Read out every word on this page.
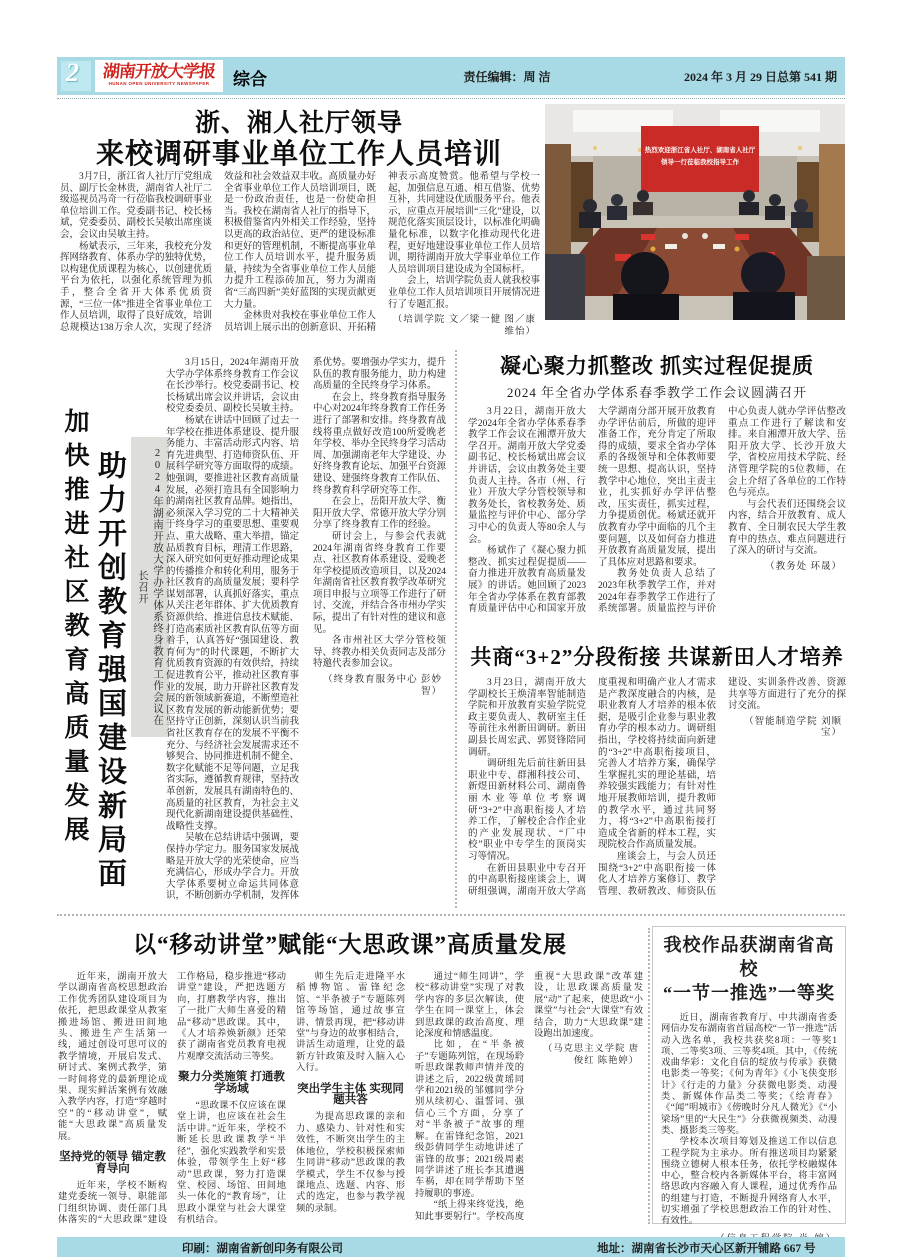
2	湖南开放大学报
HUNAN OPEN UNIVERSITY NEWSPAPER	综合	责任编辑：周 洁	2024 年 3 月 29 日总第 541 期
浙、湘人社厅领导
来校调研事业单位工作人员培训

3月7日，浙江省人社厅厅党组成员、副厅长金林贵，湖南省人社厅二级巡视员冯奇一行莅临我校调研事业单位培训工作。党委副书记、校长杨斌，党委委员、副校长吴敏出席座谈会，会议由吴敏主持。

杨斌表示，三年来，我校充分发挥网络教育、体系办学的独特优势，以构建优质课程为核心，以创建优质平台为依托，以强化系统管理为抓手，整合全省开大体系优质资源，“三位一体”推进全省事业单位工作人员培训，取得了良好成效，培训总规模达138万余人次，实现了经济效益和社会效益双丰收。高质量办好全省事业单位工作人员培训项目，既是一份政治责任，也是一份使命担当。我校在湖南省人社厅的指导下，积极借鉴省内外相关工作经验，坚持以更高的政治站位、更严的建设标准和更好的管理机制，不断提高事业单位工作人员培训水平，提升服务质量，持续为全省事业单位工作人员能力提升工程添砖加瓦，努力为湖南省“三高四新”美好蓝图的实现贡献更大力量。

金林贵对我校在事业单位工作人员培训上展示出的创新意识、开拓精神表示高度赞赏。他希望与学校一起，加强信息互通、相互借鉴、优势互补，共同建设优质服务平台。他表示，应重点开展培训“三化”建设，以规范化落实顶层设计，以标准化明确量化标准，以数字化推动现代化进程，更好地建设事业单位工作人员培训，期待湖南开放大学事业单位工作人员培训项目建设成为全国标杆。

会上，培训学院负责人就我校事业单位工作人员培训项目开展情况进行了专题汇报。

（培训学院 文／梁一健 图／康维怡）

热烈欢迎浙江省人社厅、湖南省人社厅
领导一行莅临我校指导工作
加快推进社区教育高质量发展 助力开创教育强国建设新局面	2024年湖南开放大学办学体系终身教育工作会议在长召开

3月15日，2024年湖南开放大学办学体系终身教育工作会议在长沙举行。校党委副书记、校长杨斌出席会议并讲话，会议由校党委委员、副校长吴敏主持。

杨斌在讲话中回顾了过去一年学校在推进体系建设、提升服务能力、丰富活动形式内容、培育先进典型、打造师资队伍、开展科学研究等方面取得的成绩。她强调，要推进社区教育高质量发展，必须打造具有全国影响力的湖南社区教育品牌。她指出，必须深入学习党的二十大精神关于终身学习的重要思想、重要观点、重大战略、重大举措，锚定品质教育目标，理清工作思路，深入研究如何更好推动理论成果的传播推介和转化利用，服务于社区教育的高质量发展；要科学谋划部署，认真抓好落实，重点从关注老年群体、扩大优质教育资源供给、推进信息技术赋能、打造高素质社区教育队伍等方面着手，认真答好“强国建设、教育何为”的时代课题，不断扩大优质教育资源的有效供给，持续促进教育公平，推动社区教育事业的发展，助力开辟社区教育发展的新领域新赛道，不断塑造社区教育发展的新动能新优势；要坚持守正创新，深刻认识当前我省社区教育存在的发展不平衡不充分、与经济社会发展需求还不够契合、协同推进机制不健全、数字化赋能不足等问题，立足我省实际，遵循教育规律，坚持改革创新，发展具有湖南特色的、高质量的社区教育，为社会主义现代化新湖南建设提供基础性、战略性支撑。

吴敏在总结讲话中强调，要保持办学定力。服务国家发展战略是开放大学的光荣使命，应当充满信心，形成办学合力。开放大学体系要树立命运共同体意识，不断创新办学机制，发挥体系优势。要增强办学实力，提升队伍的教育服务能力，助力构建高质量的全民终身学习体系。

在会上，终身教育指导服务中心对2024年终身教育工作任务进行了部署和安排。终身教育战线将重点做好改造100所爱晚老年学校、举办全民终身学习活动周、加强湖南老年大学建设、办好终身教育论坛、加强平台资源建设、建强终身教育工作队伍、终身教育科学研究等工作。

在会上，岳阳开放大学、衡阳开放大学、常德开放大学分别分享了终身教育工作的经验。

研讨会上，与参会代表就2024年湖南省终身教育工作要点、社区教育体系建设、爱晚老年学校提质改造项目，以及2024年湖南省社区教育教学改革研究项目申报与立项等工作进行了研讨、交流，并结合各市州办学实际，提出了有针对性的建议和意见。

各市州社区大学分管校领导、终教办相关负责同志及部分特邀代表参加会议。

（终身教育服务中心 彭妙智）

凝心聚力抓整改 抓实过程促提质
2024 年全省办学体系春季教学工作会议圆满召开

3月22日，湖南开放大学2024年全省办学体系春季教学工作会议在湘潭开放大学召开。湖南开放大学党委副书记、校长杨斌出席会议并讲话，会议由教务处主要负责人主持。各市（州、行业）开放大学分管校领导和教务处长，省校教务处、质量监控与评价中心、部分学习中心的负责人等80余人与会。

杨斌作了《凝心聚力抓整改、抓实过程促提质——奋力推进开放教育高质量发展》的讲话。她回顾了2023年全省办学体系在教育部教育质量评估中心和国家开放大学湖南分部开展开放教育办学评估前后，所做的迎评准备工作，充分肯定了所取得的成绩，要求全省办学体系的各级领导和全体教师要统一思想、提高认识，坚持教学中心地位，突出主责主业，扎实抓好办学评估整改，压实责任，抓实过程，力争提质创优。杨斌还就开放教育办学中面临的几个主要问题，以及如何奋力推进开放教育高质量发展，提出了具体应对思路和要求。

教务处负责人总结了2023年秋季教学工作，并对2024年春季教学工作进行了系统部署。质量监控与评价中心负责人就办学评估整改重点工作进行了解读和安排。来自湘潭开放大学、岳阳开放大学、长沙开放大学，省校应用技术学院、经济管理学院的5位教师，在会上介绍了各单位的工作特色与亮点。

与会代表们还围绕会议内容，结合开放教育、成人教育、全日制农民大学生教育中的热点、难点问题进行了深入的研讨与交流。

（教务处 环晟）

共商“3+2”分段衔接 共谋新田人才培养

3月23日，湖南开放大学副校长王焕清率智能制造学院和开放教育实验学院党政主要负责人、教研室主任等前往永州新田调研。新田副县长周宏武、郭贤锋陪同调研。

调研组先后前往新田县职业中专、群湘科技公司、新煜田新材料公司、湖南鲁丽木业等单位考察调研“3+2”中高职衔接人才培养工作，了解校企合作企业的产业发展现状、“厂中校”职业中专学生的顶岗实习等情况。

在新田县职业中专召开的中高职衔接座谈会上，调研组强调，湖南开放大学高度重视和明确产业人才需求是产教深度融合的内核，是职业教育人才培养的根本依据，是吸引企业参与职业教育办学的根本动力。调研组指出，学校将持续面向新建的“3+2”中高职衔接项目，完善人才培养方案，确保学生掌握扎实的理论基础，培养较强实践能力；有针对性地开展教师培训，提升教师的教学水平，通过共同努力，将“3+2”中高职衔接打造成全省新的样本工程，实现院校合作高质量发展。

座谈会上，与会人员还围绕“3+2”中高职衔接一体化人才培养方案修订、教学管理、教研教改、师资队伍建设、实训条件改善、资源共享等方面进行了充分的探讨交流。

（智能制造学院 刘顺宝）

以“移动讲堂”赋能“大思政课”高质量发展

近年来，湖南开放大学以湖南省高校思想政治工作优秀团队建设项目为依托，把思政课堂从教室搬进场馆、搬进田间地头、搬进生产生活第一线，通过创设可思可议的教学情境，开展启发式、研讨式、案例式教学，第一时间将党的最新理论成果、现实鲜活案例有效融入教学内容，打造“穿越时空”的“移动讲堂”，赋能“大思政课”高质量发展。

坚持党的领导 锚定教育导向

近年来，学校不断构建党委统一领导、职能部门组织协调、责任部门具体落实的“大思政课”建设工作格局，稳步推进“移动讲堂”建设，严把选题方向，打磨教学内容，推出了一批广大师生喜爱的精品“移动”思政课。其中，《人才培养焕新颜》还荣获了湖南省党员教育电视片观摩交流活动三等奖。

聚力分类施策 打通教学场域

“思政课不仅应该在课堂上讲，也应该在社会生活中讲。”近年来，学校不断延长思政课教学“半径”，强化实践教学和实景体验，带领学生上好“移动”思政课，努力打造课堂、校园、场馆、田间地头一体化的“教育场”，让思政小课堂与社会大课堂有机结合。

师生先后走进隆平水稻博物馆、雷锋纪念馆、“半条被子”专题陈列馆等场馆，通过故事宣讲、情景再现，把“移动讲堂”与身边的故事相结合，讲活生动道理，让党的最新方针政策及时入脑入心入行。

突出学生主体 实现同题共答

为提高思政课的亲和力、感染力、针对性和实效性，不断突出学生的主体地位，学校积极探索师生同讲“移动”思政课的教学模式，学生不仅参与授课地点、选题、内容、形式的选定，也参与教学视频的录制。

通过“师生同讲”，学校“移动讲堂”实现了对教学内容的多层次解读，使学生在同一课堂上，体会到思政课的政治高度、理论深度和情感温度。

比如，在“半条被子”专题陈列馆，在现场聆听思政课教师声情并茂的讲述之后，2022级黄瑶同学和2021级的邹娜同学分别从续初心、温誓词、强信心三个方面，分享了对“半条被子”故事的理解。在雷锋纪念馆，2021级彭倩同学生动地讲述了雷锋的故事；2021级周素同学讲述了班长李其遭遇车祸，却在同学帮助下坚持履职的事迹。

“纸上得来终觉浅，绝知此事要躬行”。学校高度重视“大思政课”改革建设，让思政课高质量发展“动”了起来，使思政“小课堂”与社会“大课堂”有效结合，助力“大思政课”建设跑出加速度。

（马克思主义学院 唐俊红 陈艳婷）

我校作品获湖南省高校
“一节一推选”一等奖

近日，湖南省教育厅、中共湖南省委网信办发布湖南省首届高校“一节一推选”活动入选名单，我校共获奖8项：一等奖1项、二等奖3项、三等奖4项。其中，《传统戏曲华彩：文化自信的绽放与传承》获微电影类一等奖；《何为青年》《小飞侠变形计》《行走的力量》分获微电影类、动漫类、新媒体作品类二等奖；《绘青春》《“闻”明城市》《傍晚时分凡人微光》《“小梁场”里的“大民生”》分获微视频类、动漫类、摄影类三等奖。

学校本次项目筹划及推送工作以信息工程学院为主承办。所有推送项目均紧紧围绕立德树人根本任务，依托学校融媒体中心，整合校内各新媒体平台，将丰富网络思政内容融入育人课程，通过优秀作品的组建与打造，不断提升网络育人水平，切实增强了学校思想政治工作的针对性、有效性。

印刷：湖南省新创印务有限公司	地址：湖南省长沙市天心区新开铺路 667 号
